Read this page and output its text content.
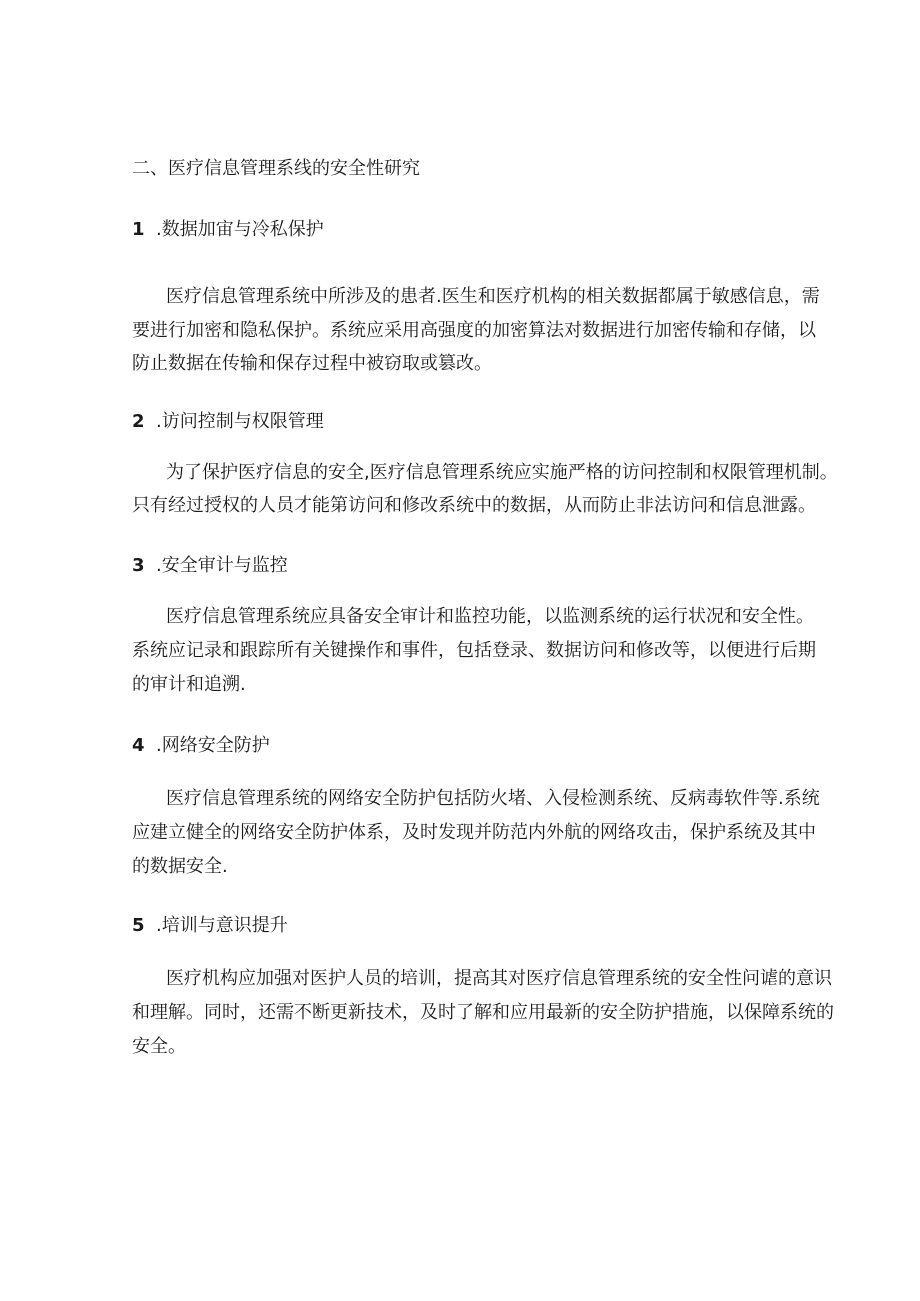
二、医疗信息管理系线的安全性研究
1 .数据加宙与冷私保护
医疗信息管理系统中所涉及的患者.医生和医疗机构的相关数据都属于敏感信息，需
要进行加密和隐私保护。系统应采用高强度的加密算法对数据进行加密传输和存储，以
防止数据在传输和保存过程中被窃取或篡改。
2 .访问控制与权限管理
为了保护医疗信息的安全,医疗信息管理系统应实施严格的访问控制和权限管理机制。
只有经过授权的人员才能第访问和修改系统中的数据，从而防止非法访问和信息泄露。
3 .安全审计与监控
医疗信息管理系统应具备安全审计和监控功能，以监测系统的运行状况和安全性。
系统应记录和跟踪所有关键操作和事件，包括登录、数据访问和修改等，以便进行后期
的审计和追溯.
4 .网络安全防护
医疗信息管理系统的网络安全防护包括防火堵、入侵检测系统、反病毒软件等.系统
应建立健全的网络安全防护体系，及时发现并防范内外航的网络攻击，保护系统及其中
的数据安全.
5 .培训与意识提升
医疗机构应加强对医护人员的培训，提高其对医疗信息管理系统的安全性问谑的意识
和理解。同时，还需不断更新技术，及时了解和应用最新的安全防护措施，以保障系统的
安全。
